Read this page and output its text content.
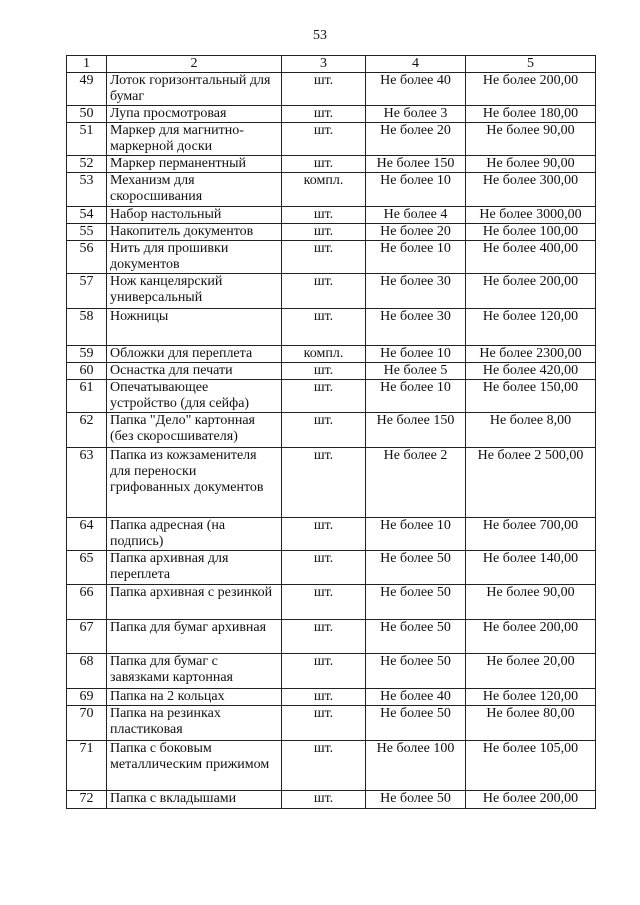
53
1	2	3	4	5
49	Лоток горизонтальный для бумаг	шт.	Не более 40	Не более 200,00
50	Лупа просмотровая	шт.	Не более 3	Не более 180,00
51	Маркер для магнитно-маркерной доски	шт.	Не более 20	Не более 90,00
52	Маркер перманентный	шт.	Не более 150	Не более 90,00
53	Механизм для скоросшивания	компл.	Не более 10	Не более 300,00
54	Набор настольный	шт.	Не более 4	Не более 3000,00
55	Накопитель документов	шт.	Не более 20	Не более 100,00
56	Нить для прошивки документов	шт.	Не более 10	Не более 400,00
57	Нож канцелярский универсальный	шт.	Не более 30	Не более 200,00
58	Ножницы	шт.	Не более 30	Не более 120,00
59	Обложки для переплета	компл.	Не более 10	Не более 2300,00
60	Оснастка для печати	шт.	Не более 5	Не более 420,00
61	Опечатывающее устройство (для сейфа)	шт.	Не более 10	Не более 150,00
62	Папка "Дело" картонная (без скоросшивателя)	шт.	Не более 150	Не более 8,00
63	Папка из кожзаменителя для переноски грифованных документов	шт.	Не более 2	Не более 2 500,00
64	Папка адресная (на подпись)	шт.	Не более 10	Не более 700,00
65	Папка архивная для переплета	шт.	Не более 50	Не более 140,00
66	Папка архивная с резинкой	шт.	Не более 50	Не более 90,00
67	Папка для бумаг архивная	шт.	Не более 50	Не более 200,00
68	Папка для бумаг с завязками картонная	шт.	Не более 50	Не более 20,00
69	Папка на 2 кольцах	шт.	Не более 40	Не более 120,00
70	Папка на резинках пластиковая	шт.	Не более 50	Не более 80,00
71	Папка с боковым металлическим прижимом	шт.	Не более 100	Не более 105,00
72	Папка с вкладышами	шт.	Не более 50	Не более 200,00
